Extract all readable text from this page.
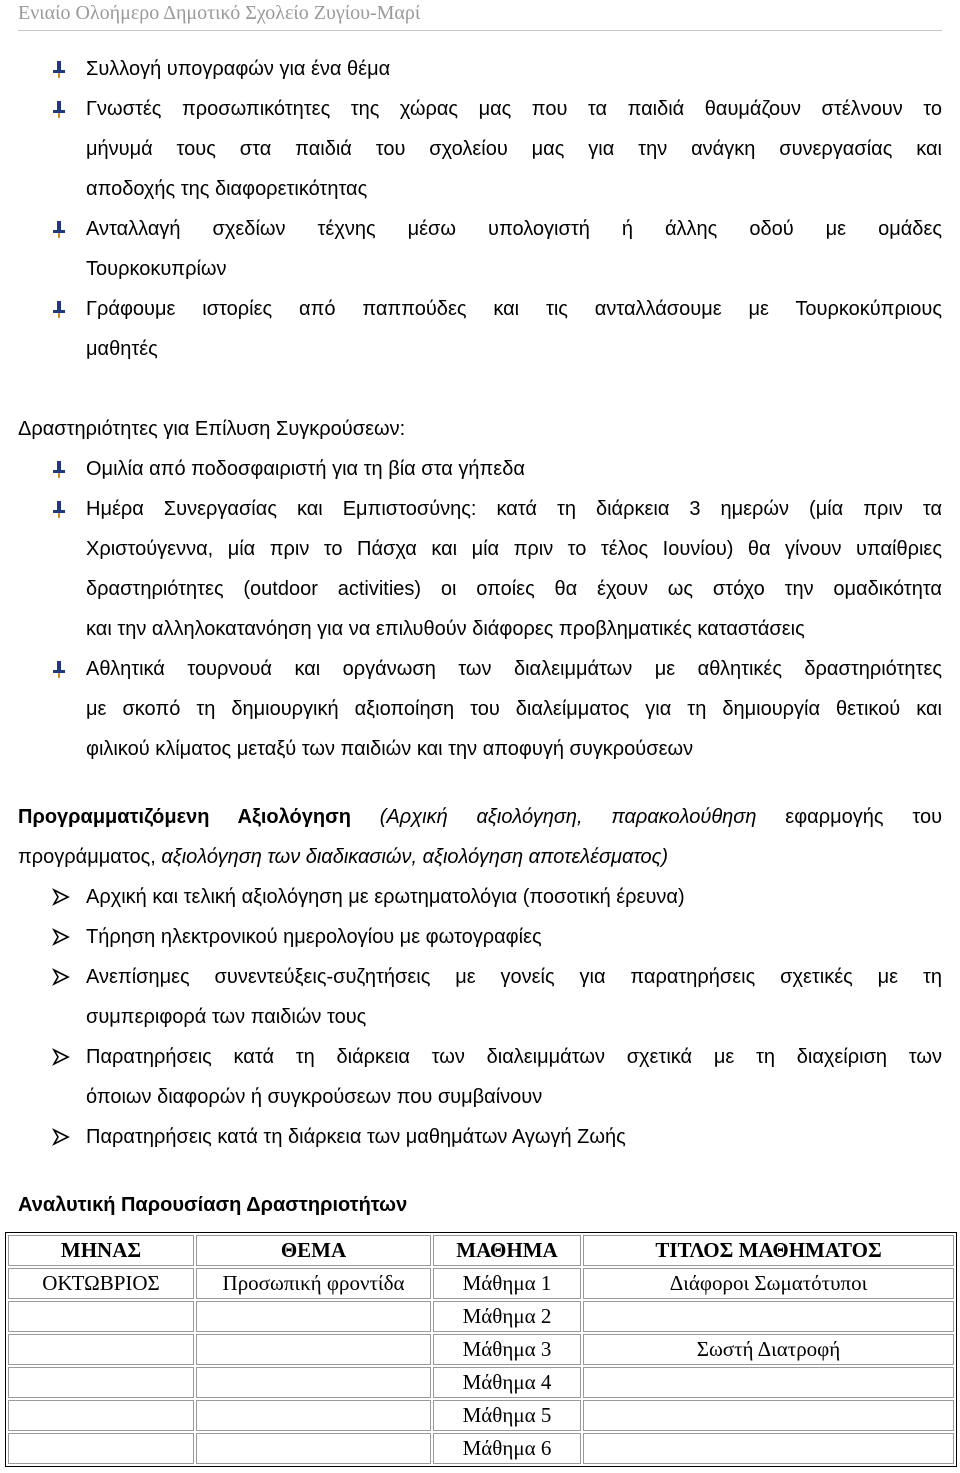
Ενιαίο Ολοήμερο Δημοτικό Σχολείο Ζυγίου-Μαρί
Συλλογή υπογραφών για ένα θέμα
Γνωστές προσωπικότητες της χώρας μας που τα παιδιά θαυμάζουν στέλνουν το
μήνυμά τους στα παιδιά του σχολείου μας για την ανάγκη συνεργασίας και
αποδοχής της διαφορετικότητας
Ανταλλαγή σχεδίων τέχνης μέσω υπολογιστή ή άλλης οδού με ομάδες
Τουρκοκυπρίων
Γράφουμε ιστορίες από παππούδες και τις ανταλλάσουμε με Τουρκοκύπριους
μαθητές
Δραστηριότητες για Επίλυση Συγκρούσεων:
Ομιλία από ποδοσφαιριστή για τη βία στα γήπεδα
Ημέρα Συνεργασίας και Εμπιστοσύνης: κατά τη διάρκεια 3 ημερών (μία πριν τα
Χριστούγεννα, μία πριν το Πάσχα και μία πριν το τέλος Ιουνίου) θα γίνουν υπαίθριες
δραστηριότητες (outdoor activities) οι οποίες θα έχουν ως στόχο την ομαδικότητα
και την αλληλοκατανόηση για να επιλυθούν διάφορες προβληματικές καταστάσεις
Αθλητικά τουρνουά και οργάνωση των διαλειμμάτων με αθλητικές δραστηριότητες
με σκοπό τη δημιουργική αξιοποίηση του διαλείμματος για τη δημιουργία θετικού και
φιλικού κλίματος μεταξύ των παιδιών και την αποφυγή συγκρούσεων
Προγραμματιζόμενη Αξιολόγηση (Αρχική αξιολόγηση, παρακολούθηση εφαρμογής του
προγράμματος, αξιολόγηση των διαδικασιών, αξιολόγηση αποτελέσματος)
Αρχική και τελική αξιολόγηση με ερωτηματολόγια (ποσοτική έρευνα)
Τήρηση ηλεκτρονικού ημερολογίου με φωτογραφίες
Ανεπίσημες συνεντεύξεις-συζητήσεις με γονείς για παρατηρήσεις σχετικές με τη
συμπεριφορά των παιδιών τους
Παρατηρήσεις κατά τη διάρκεια των διαλειμμάτων σχετικά με τη διαχείριση των
όποιων διαφορών ή συγκρούσεων που συμβαίνουν
Παρατηρήσεις κατά τη διάρκεια των μαθημάτων Αγωγή Ζωής
Αναλυτική Παρουσίαση Δραστηριοτήτων
ΜΗΝΑΣ	ΘΕΜΑ	ΜΑΘΗΜΑ	ΤΙΤΛΟΣ ΜΑΘΗΜΑΤΟΣ
ΟΚΤΩΒΡΙΟΣ	Προσωπική φροντίδα	Μάθημα 1	Διάφοροι Σωματότυποι
		Μάθημα 2	
		Μάθημα 3	Σωστή Διατροφή
		Μάθημα 4	
		Μάθημα 5	
		Μάθημα 6	
